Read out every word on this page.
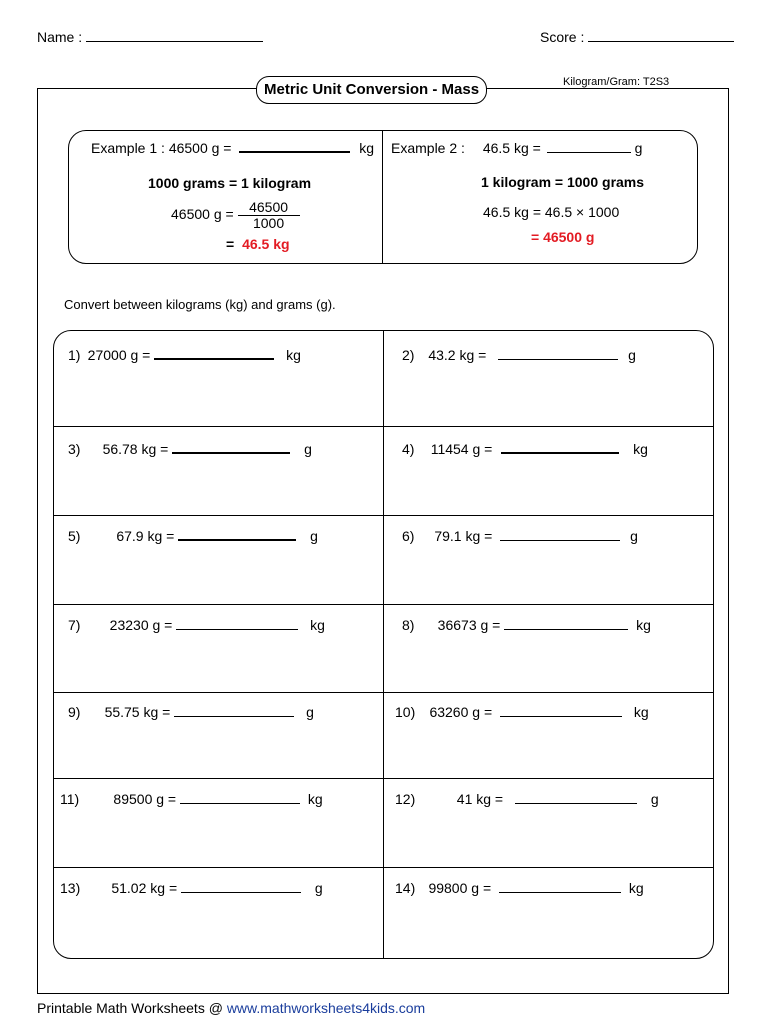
Name :	Score :
Metric Unit Conversion - Mass	Kilogram/Gram: T2S3
Example 1 : 46500 g =	kg
1000 grams = 1 kilogram
46500 $g = \frac{46500}{1000}$
= 46.5 kg
Example 2 : 46.5 kg =	g
1 kilogram = 1000 grams
46.5 kg = 46.5 × 1000
= 46500 g
Convert between kilograms (kg) and grams (g).
1) 27000 g =	kg	2) 43.2 kg =	g
3) 56.78 kg =	g	4) 11454 g =	kg
5)	67.9 kg =	g	6) 79.1 kg =	g
7) 23230 g =	kg	8) 36673 g =	kg
9) 55.75 kg =	g	10) 63260 g =	kg
11) 89500 g =	kg	12)	41 kg =	g
13) 51.02 kg =	g	14) 99800 g =	kg
Printable Math Worksheets @ www.mathworksheets4kids.com
